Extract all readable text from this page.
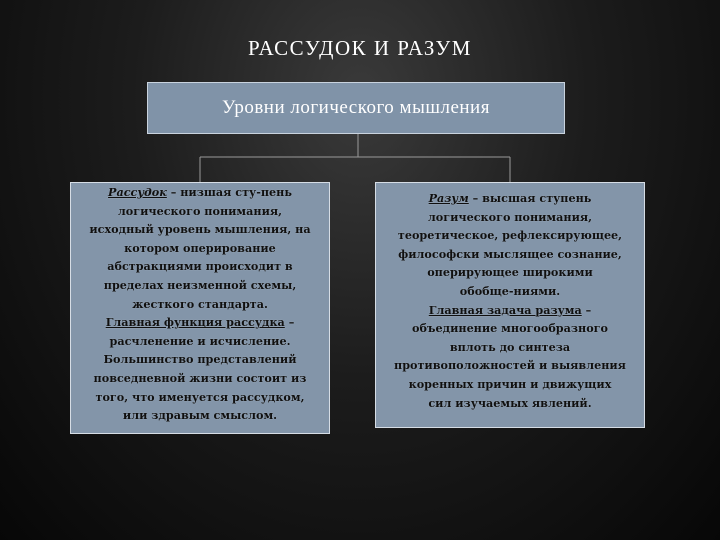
РАССУДОК И РАЗУМ
Уровни логического мышления
Рассудок – низшая сту-пень
логического понимания,
исходный уровень мышления, на
котором оперирование
абстракциями происходит в
пределах неизменной схемы,
жесткого стандарта.
Главная функция рассудка –
расчленение и исчисление.
Большинство представлений
повседневной жизни состоит из
того, что именуется рассудком,
или здравым смыслом.
Разум – высшая ступень
логического понимания,
теоретическое, рефлексирующее,
философски мыслящее сознание,
оперирующее широкими
обобще-ниями.
Главная задача разума –
объединение многообразного
вплоть до синтеза
противоположностей и выявления
коренных причин и движущих
сил изучаемых явлений.
